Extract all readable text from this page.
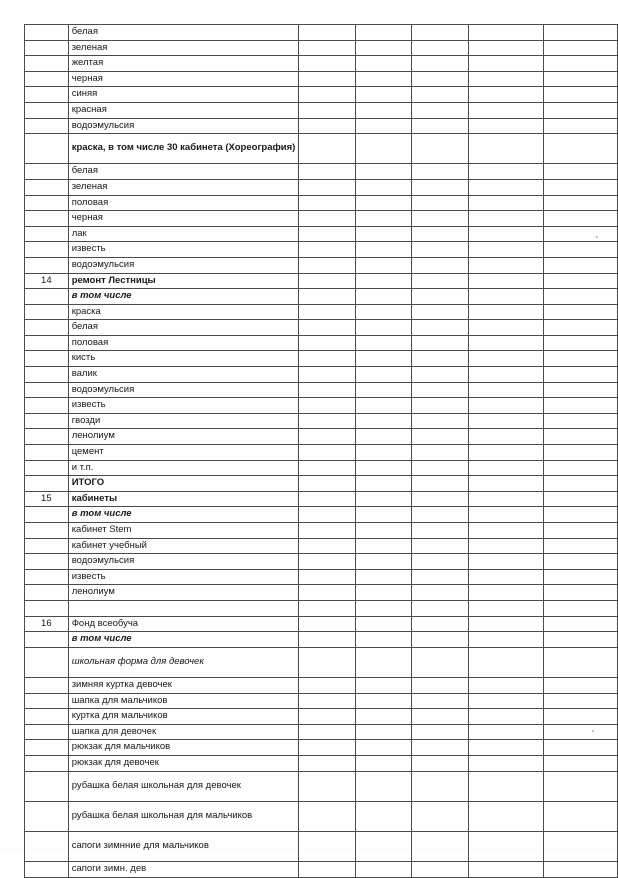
	белая					
	зеленая					
	желтая					
	черная					
	синяя					
	красная					
	водоэмульсия					
	краска, в том числе 30 кабинета (Хореография)					
	белая					
	зеленая					
	половая					
	черная					
	лак					
	известь					
	водоэмульсия					
14	ремонт Лестницы					
	в том числе					
	краска					
	белая					
	половая					
	кисть					
	валик					
	водоэмульсия					
	известь					
	гвозди					
	ленолиум					
	цемент					
	и т.п.					
	ИТОГО					
15	кабинеты					
	в том числе					
	кабинет Stem					
	кабинет учебный					
	водоэмульсия					
	известь					
	ленолиум					

16	Фонд всеобуча					
	в том числе					
	школьная форма для девочек					
	зимняя куртка девочек					
	шапка для мальчиков					
	куртка для мальчиков					
	шапка для девочек					
	рюкзак для мальчиков					
	рюкзак для девочек					
	рубашка белая школьная для девочек					
	рубашка белая школьная для мальчиков					
	сапоги зимнние для мальчиков					
	сапоги зимн. дев					
